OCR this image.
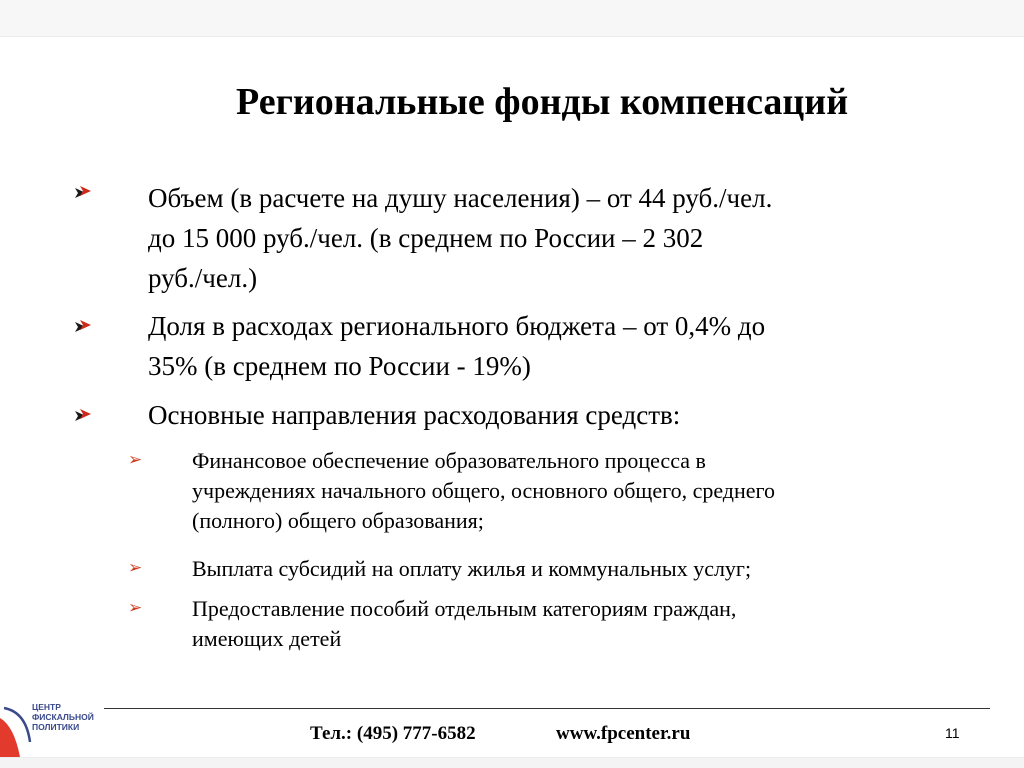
Региональные фонды компенсаций
Объем (в расчете на душу населения) – от 44 руб./чел.
до 15 000 руб./чел. (в среднем по России – 2 302
руб./чел.)
Доля в расходах регионального бюджета – от 0,4% до
35% (в среднем по России - 19%)
Основные направления расходования средств:
➢ Финансовое обеспечение образовательного процесса в
учреждениях начального общего, основного общего, среднего
(полного) общего образования;
➢ Выплата субсидий на оплату жилья и коммунальных услуг;
➢ Предоставление пособий отдельным категориям граждан,
имеющих детей
ЦЕНТР
ФИСКАЛЬНОЙ
ПОЛИТИКИ	Тел.: (495) 777-6582	www.fpcenter.ru	11
